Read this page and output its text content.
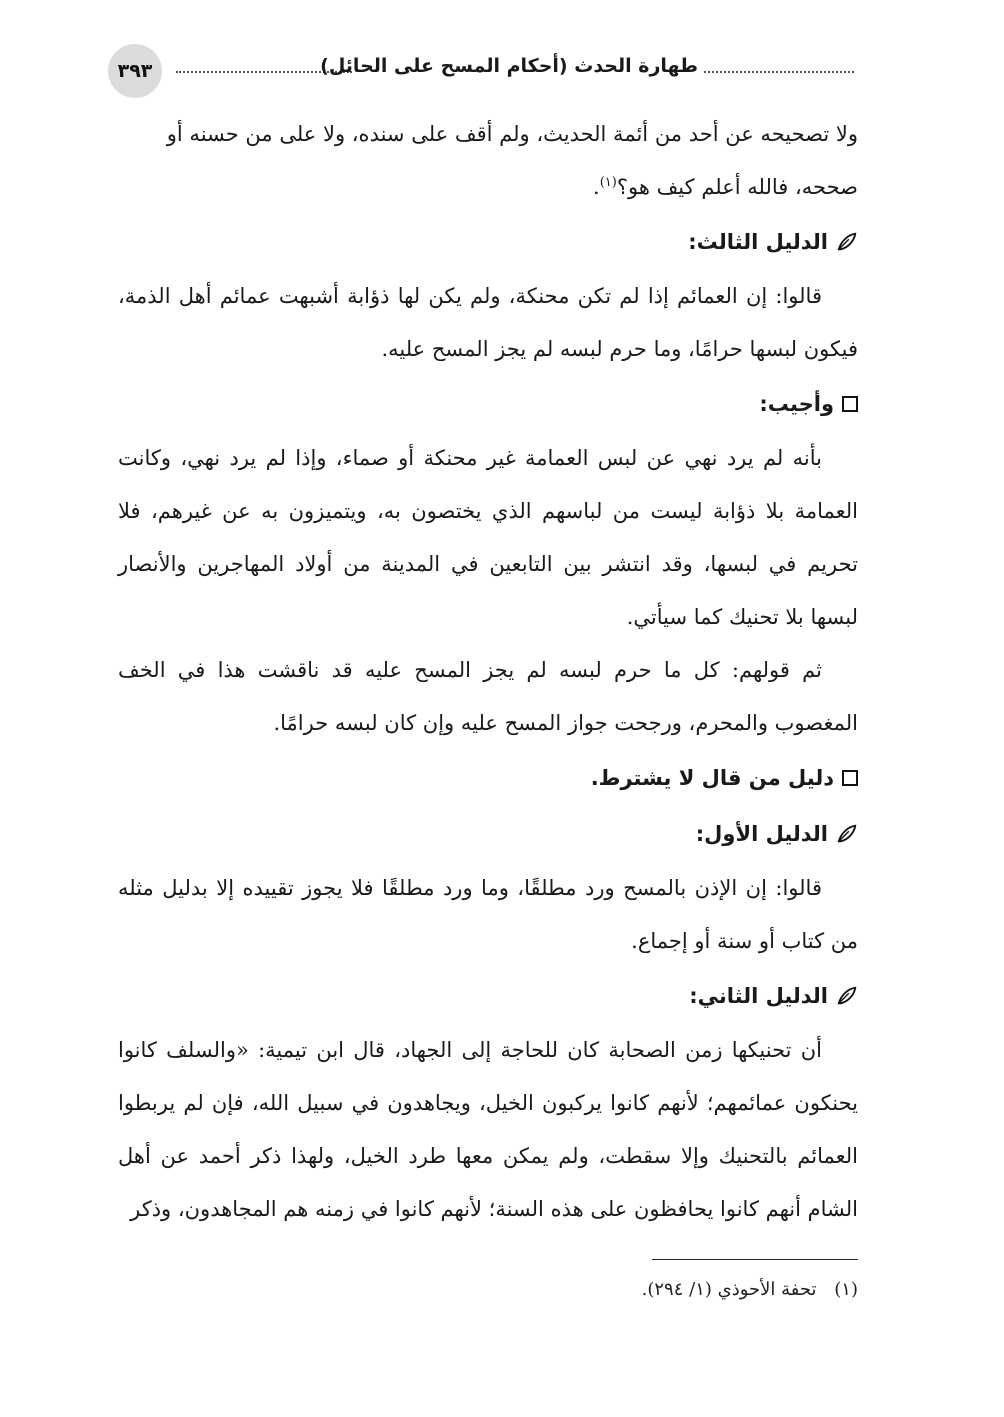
٣٩٣	طهارة الحدث (أحكام المسح على الحائل)
ولا تصحيحه عن أحد من أئمة الحديث، ولم أقف على سنده، ولا على من حسنه أو
صححه، فالله أعلم كيف هو؟$^{(١)}$.
الدليل الثالث:

قالوا: إن العمائم إذا لم تكن محنكة، ولم يكن لها ذؤابة أشبهت عمائم أهل الذمة، فيكون لبسها حرامًا، وما حرم لبسه لم يجز المسح عليه.

وأجيب:

بأنه لم يرد نهي عن لبس العمامة غير محنكة أو صماء، وإذا لم يرد نهي، وكانت العمامة بلا ذؤابة ليست من لباسهم الذي يختصون به، ويتميزون به عن غيرهم، فلا تحريم في لبسها، وقد انتشر بين التابعين في المدينة من أولاد المهاجرين والأنصار لبسها بلا تحنيك كما سيأتي.

ثم قولهم: كل ما حرم لبسه لم يجز المسح عليه قد ناقشت هذا في الخف المغصوب والمحرم، ورجحت جواز المسح عليه وإن كان لبسه حرامًا.

دليل من قال لا يشترط.
الدليل الأول:

قالوا: إن الإذن بالمسح ورد مطلقًا، وما ورد مطلقًا فلا يجوز تقييده إلا بدليل مثله من كتاب أو سنة أو إجماع.

الدليل الثاني:

أن تحنيكها زمن الصحابة كان للحاجة إلى الجهاد، قال ابن تيمية: «والسلف كانوا يحنكون عمائمهم؛ لأنهم كانوا يركبون الخيل، ويجاهدون في سبيل الله، فإن لم يربطوا العمائم بالتحنيك وإلا سقطت، ولم يمكن معها طرد الخيل، ولهذا ذكر أحمد عن أهل الشام أنهم كانوا يحافظون على هذه السنة؛ لأنهم كانوا في زمنه هم المجاهدون، وذكر

(١) تحفة الأحوذي (١/ ٢٩٤).
